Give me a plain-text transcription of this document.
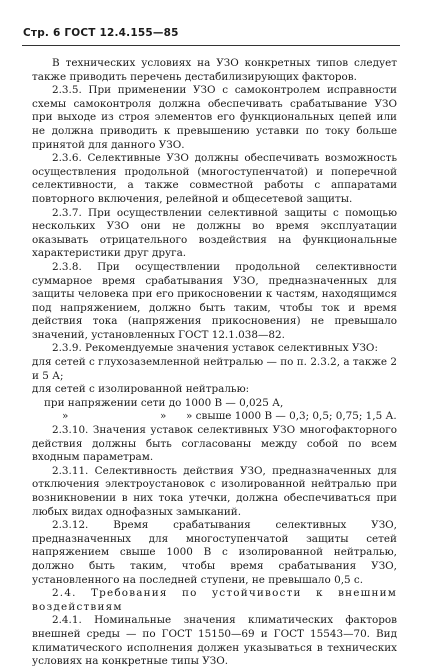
Стр. 6 ГОСТ 12.4.155—85

В технических условиях на УЗО конкретных типов следует также приводить перечень дестабилизирующих факторов.

2.3.5. При применении УЗО с самоконтролем исправности схемы самоконтроля должна обеспечивать срабатывание УЗО при выходе из строя элементов его функциональных цепей или не должна приводить к превышению уставки по току больше принятой для данного УЗО.

2.3.6. Селективные УЗО должны обеспечивать возможность осуществления продольной (многоступенчатой) и поперечной селективности, а также совместной работы с аппаратами повторного включения, релейной и общесетевой защиты.

2.3.7. При осуществлении селективной защиты с помощью нескольких УЗО они не должны во время эксплуатации оказывать отрицательного воздействия на функциональные характеристики друг друга.

2.3.8. При осуществлении продольной селективности суммарное время срабатывания УЗО, предназначенных для защиты человека при его прикосновении к частям, находящимся под напряжением, должно быть таким, чтобы ток и время действия тока (напряжения прикосновения) не превышало значений, установленных ГОСТ 12.1.038—82.

2.3.9. Рекомендуемые значения уставок селективных УЗО:

для сетей с глухозаземленной нейтралью — по п. 2.3.2, а также 2 и 5 А;

для сетей с изолированной нейтралью:

при напряжении сети до 1000 В — 0,025 А,

»	»	» свыше 1000 В — 0,3; 0,5; 0,75; 1,5 А.

2.3.10. Значения уставок селективных УЗО многофакторного действия должны быть согласованы между собой по всем входным параметрам.

2.3.11. Селективность действия УЗО, предназначенных для отключения электроустановок с изолированной нейтралью при возникновении в них тока утечки, должна обеспечиваться при любых видах однофазных замыканий.

2.3.12. Время срабатывания селективных УЗО, предназначенных для многоступенчатой защиты сетей напряжением свыше 1000 В с изолированной нейтралью, должно быть таким, чтобы время срабатывания УЗО, установленного на последней ступени, не превышало 0,5 с.

2.4. Требования по устойчивости к внешним воздействиям

2.4.1. Номинальные значения климатических факторов внешней среды — по ГОСТ 15150—69 и ГОСТ 15543—70. Вид климатического исполнения должен указываться в технических условиях на конкретные типы УЗО.
